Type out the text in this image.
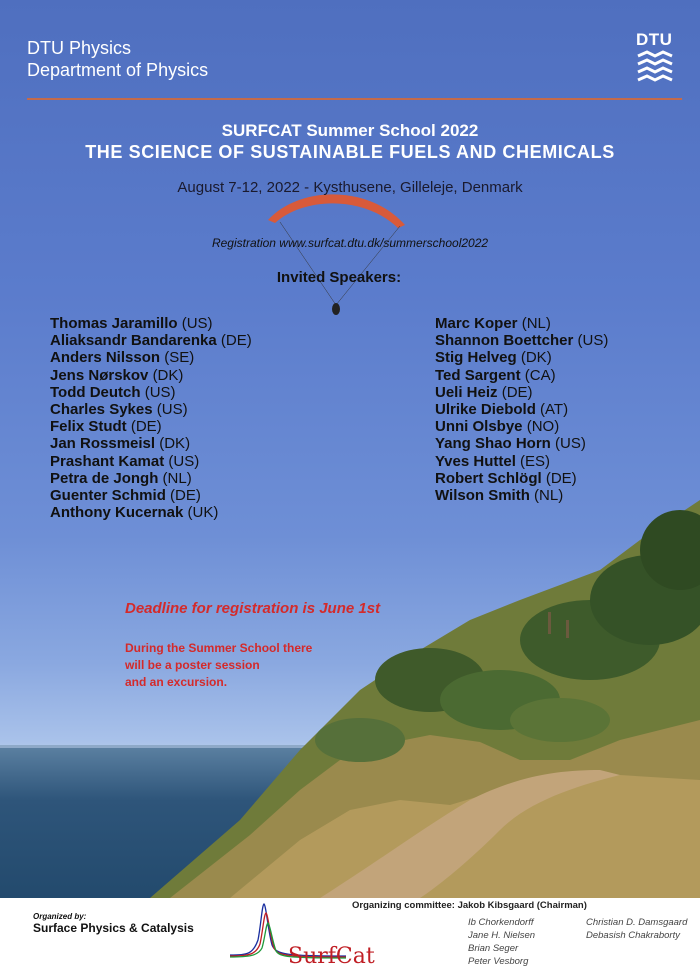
DTU Physics
Department of Physics
DTU
SURFCAT Summer School 2022
THE SCIENCE OF SUSTAINABLE FUELS AND CHEMICALS
August 7-12, 2022 - Kysthusene, Gilleleje, Denmark
Registration www.surfcat.dtu.dk/summerschool2022
Invited Speakers:
Thomas Jaramillo (US)
Aliaksandr Bandarenka (DE)
Anders Nilsson (SE)
Jens Nørskov (DK)
Todd Deutch (US)
Charles Sykes (US)
Felix Studt (DE)
Jan Rossmeisl (DK)
Prashant Kamat (US)
Petra de Jongh (NL)
Guenter Schmid (DE)
Anthony Kucernak (UK)
Marc Koper (NL)
Shannon Boettcher (US)
Stig Helveg (DK)
Ted Sargent (CA)
Ueli Heiz (DE)
Ulrike Diebold (AT)
Unni Olsbye (NO)
Yang Shao Horn (US)
Yves Huttel (ES)
Robert Schlögl (DE)
Wilson Smith (NL)
Deadline for registration is June 1st
During the Summer School there
will be a poster session
and an excursion.
Organized by:
Surface Physics & Catalysis
SurfCat
Organizing committee: Jakob Kibsgaard (Chairman)
Ib Chorkendorff
Jane H. Nielsen
Brian Seger
Peter Vesborg
Christian D. Damsgaard
Debasish Chakraborty
